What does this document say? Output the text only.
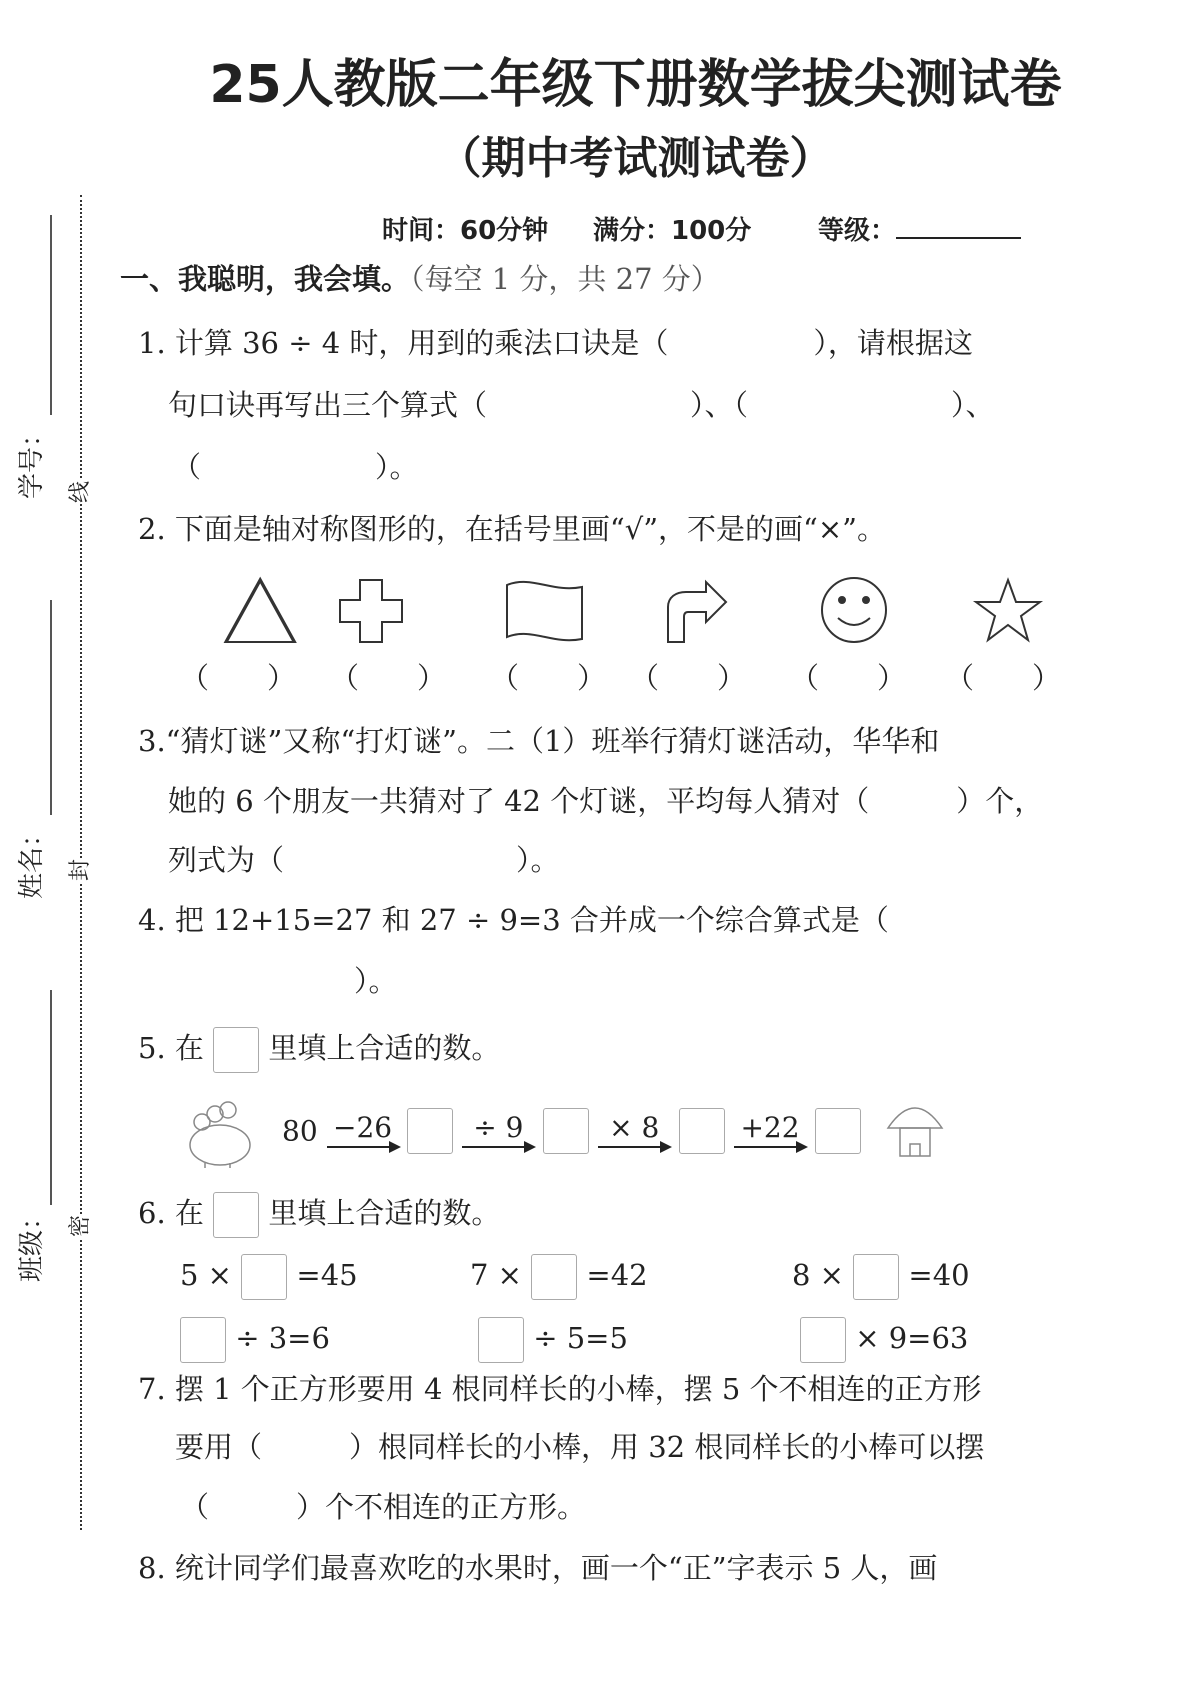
25人教版二年级下册数学拔尖测试卷
（期中考试测试卷）
时间：60分钟 满分：100分	等级：
学号： 线
姓名： 封
班级： 密
一、我聪明，我会填。（每空 1 分，共 27 分）
1. 计算 36 ÷ 4 时，用到的乘法口诀是（　　　　　），请根据这
句口诀再写出三个算式（　　　　　　　）、（　　　　　　　）、
（　　　　　　）。
2. 下面是轴对称图形的，在括号里画“√”，不是的画“×”。
（　　） （　　） （　　） （　　） （　　） （　　）
3.“猜灯谜”又称“打灯谜”。二（1）班举行猜灯谜活动，华华和
她的 6 个朋友一共猜对了 42 个灯谜，平均每人猜对（　　　）个，
列式为（　　　　　　　　）。
4. 把 12+15=27 和 27 ÷ 9=3 合并成一个综合算式是（
　　　　　　）。
5. 在 里填上合适的数。
80 −26	÷ 9	× 8	+22

6. 在 里填上合适的数。
5 × =45	7 × =42	8 × =40
÷ 3=6	÷ 5=5	× 9=63
7. 摆 1 个正方形要用 4 根同样长的小棒，摆 5 个不相连的正方形
要用（　　　）根同样长的小棒，用 32 根同样长的小棒可以摆
（　　　）个不相连的正方形。
8. 统计同学们最喜欢吃的水果时，画一个“正”字表示 5 人，画
